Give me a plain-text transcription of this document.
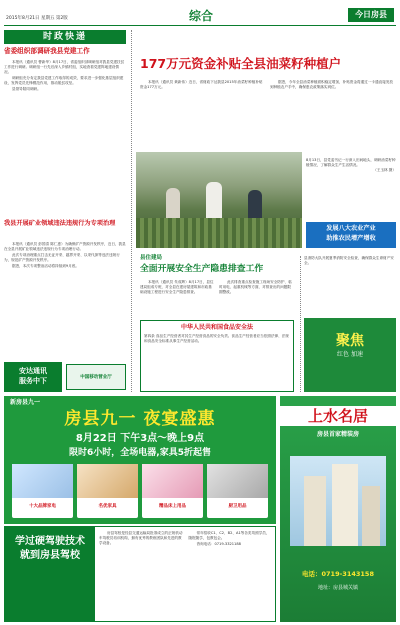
2015年8月21日 星期五 第2版	综合	今日房县
时政快递
省委组织部调研我县党建工作

本报讯（通讯员 曹新华）8月17日，省委组织部调研组对我县党建扶贫工作进行调研。调研组一行先后深入乡镇村组，实地查看党建阵地建设情况。

调研组充分肯定我县党建工作取得的成效，要求进一步强化基层组织建设，发挥党员先锋模范作用，推动脱贫攻坚。

县领导陪同调研。

我县开展矿业领域违法违规行为专项治理

本报讯（通讯员 彭国清 陈仁惠）为确保矿产资源开发秩序，近日，我县在全县开展矿业领域违法违规行为专项治理行动。

此次专项治理重点打击无证开采、越界开采、以采代探等违法违规行为，规范矿产资源开发秩序。

据悉，本次专项整治活动将持续到9月底。

安达通讯
服务中下	中国移动营业厅
177万元资金补贴全县油菜籽种植户

本报讯（通讯员 黄新伟）近日，省财政下达我县2015年油菜籽种植补贴资金177万元。

据悉，今年全县油菜种植面积稳定增加，补贴资金将通过一卡通直接发放到种植农户手中，确保惠农政策落实到位。

8月13日，县党委书记一行深入田间地头，调研油菜籽种植情况，了解群众生产生活情况。
（王玉林 摄）
发展八大农业产业
助推农民增产增收
县住建局
全面开展安全生产隐患排查工作

本报讯（通讯员 朱成辉）8月17日，县住建局组成专班，对全县在建房屋建筑和市政基础设施工程进行安全生产隐患排查。

此次排查重点检查施工现场安全防护、临时用电、起重机械等方面，对排查出的问题限期整改。

中华人民共和国食品安全法
第四条 食品生产经营者对其生产经营食品的安全负责。食品生产经营者应当依照法律、法规和食品安全标准从事生产经营活动。
县消防大队开展夏季消防安全检查，确保群众生命财产安全。
聚焦
红色 加速
新房县九一
房县九一 夜宴盛惠
8月22日 下午3点～晚上9点
限时6小时，全场电器,家具5折起售
十大品牌家电	名优家具	精品床上用品	厨卫用品
上水名居
房县首家精装房
电话：0719-3143158
地址：房县城关镇
学过硬驾驶技术 就到房县驾校

房县驾校是经县交通运输局批准成立的正规机动车驾驶员培训机构，拥有优秀的教练团队和先进的教学设备。

常年招收C1、C2、B2、A1等各类驾照学员，随报随学，包教包会。

咨询电话：0719-3321188
